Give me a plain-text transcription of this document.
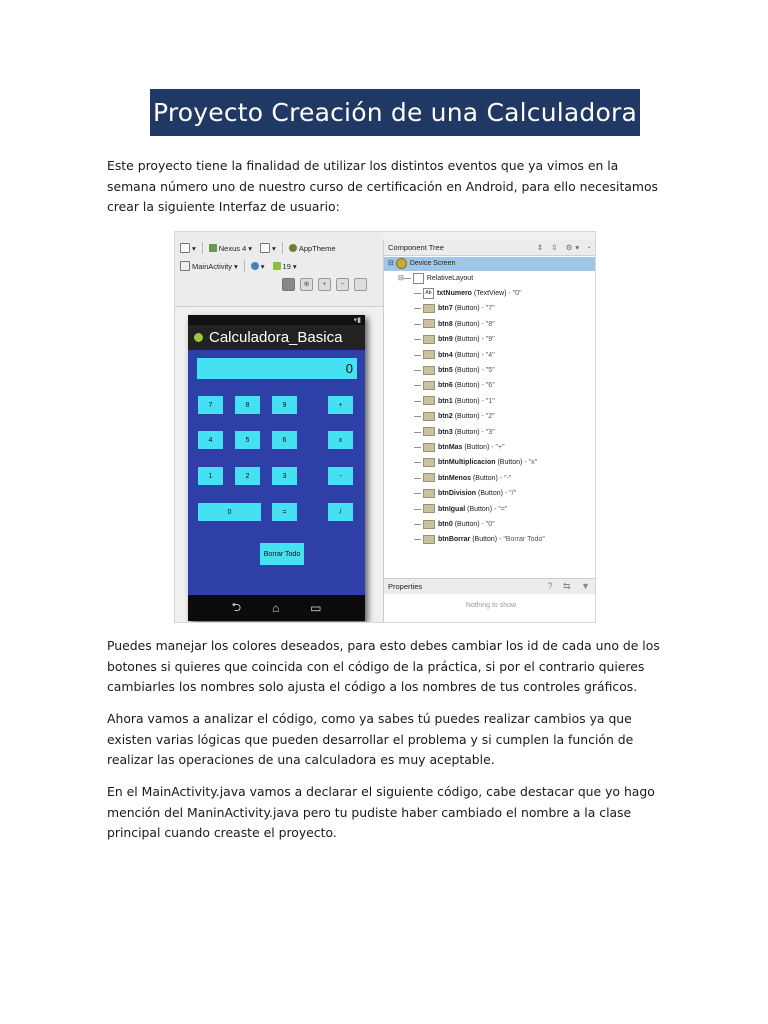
Proyecto Creación de una Calculadora
Este proyecto tiene la finalidad de utilizar los distintos eventos que ya vimos en la semana número uno de nuestro curso de certificación en Android, para ello necesitamos crear la siguiente Interfaz de usuario:
▾	Nexus 4 ▾	▾	AppTheme
MainActivity ▾	▾ 19 ▾
⊕	+	−
▾▮
Calculadora_Basica
0
7	8	9	+
4	5	6	x
1	2	3	-
0	=	/
Borrar Todo
⮌	⌂	▭
Component Tree	⇕ ⇳ ⚙▾ ⁃
⊟ Device Screen
⊟— RelativeLayout
— Ab txtNumero (TextView) - "0"
— btn7 (Button) - "7"
— btn8 (Button) - "8"
— btn9 (Button) - "9"
— btn4 (Button) - "4"
— btn5 (Button) - "5"
— btn6 (Button) - "6"
— btn1 (Button) - "1"
— btn2 (Button) - "2"
— btn3 (Button) - "3"
— btnMas (Button) - "+"
— btnMultiplicacion (Button) - "x"
— btnMenos (Button) - "-"
— btnDivision (Button) - "/"
— btnIgual (Button) - "="
— btn0 (Button) - "0"
— btnBorrar (Button) - "Borrar Todo"
Properties	? ⇆ ▼
Nothing to show
Puedes manejar los colores deseados, para esto debes cambiar los id de cada uno de los botones si quieres que coincida con el código de la práctica, si por el contrario quieres cambiarles los nombres solo ajusta el código a los nombres de tus controles gráficos.
Ahora vamos a analizar el código, como ya sabes tú puedes realizar cambios ya que existen varias lógicas que pueden desarrollar el problema y si cumplen la función de realizar las operaciones de una calculadora es muy aceptable.
En el MainActivity.java vamos a declarar el siguiente código, cabe destacar que yo hago mención del ManinActivity.java pero tu pudiste haber cambiado el nombre a la clase principal cuando creaste el proyecto.
